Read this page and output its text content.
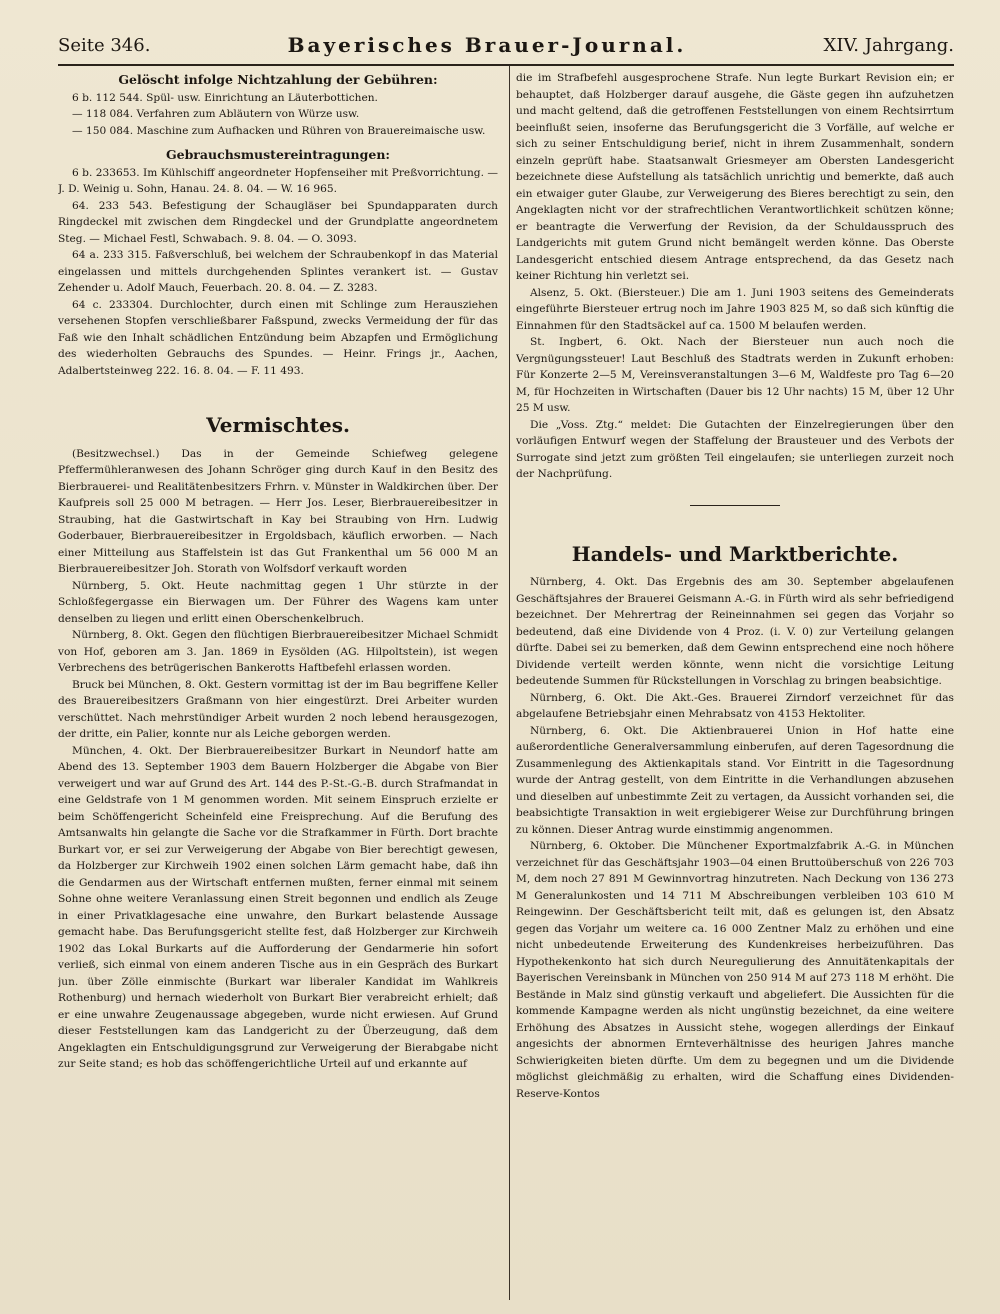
Seite 346.	Bayerisches Brauer-Journal.	XIV. Jahrgang.
Gelöscht infolge Nichtzahlung der Gebühren:

6 b. 112 544. Spül- usw. Einrichtung an Läuterbottichen.

— 118 084. Verfahren zum Abläutern von Würze usw.

— 150 084. Maschine zum Aufhacken und Rühren von Brauereimaische usw.

Gebrauchsmustereintragungen:

6 b. 233653. Im Kühlschiff angeordneter Hopfenseiher mit Preßvorrichtung. — J. D. Weinig u. Sohn, Hanau. 24. 8. 04. — W. 16 965.

64. 233 543. Befestigung der Schaugläser bei Spundapparaten durch Ringdeckel mit zwischen dem Ringdeckel und der Grundplatte angeordnetem Steg. — Michael Festl, Schwabach. 9. 8. 04. — O. 3093.

64 a. 233 315. Faßverschluß, bei welchem der Schraubenkopf in das Material eingelassen und mittels durchgehenden Splintes verankert ist. — Gustav Zehender u. Adolf Mauch, Feuerbach. 20. 8. 04. — Z. 3283.

64 c. 233304. Durchlochter, durch einen mit Schlinge zum Herausziehen versehenen Stopfen verschließbarer Faßspund, zwecks Vermeidung der für das Faß wie den Inhalt schädlichen Entzündung beim Abzapfen und Ermöglichung des wiederholten Gebrauchs des Spundes. — Heinr. Frings jr., Aachen, Adalbertsteinweg 222. 16. 8. 04. — F. 11 493.

Vermischtes.

(Besitzwechsel.) Das in der Gemeinde Schiefweg gelegene Pfeffermühleranwesen des Johann Schröger ging durch Kauf in den Besitz des Bierbrauerei- und Realitätenbesitzers Frhrn. v. Münster in Waldkirchen über. Der Kaufpreis soll 25 000 M betragen. — Herr Jos. Leser, Bierbrauereibesitzer in Straubing, hat die Gastwirtschaft in Kay bei Straubing von Hrn. Ludwig Goderbauer, Bierbrauereibesitzer in Ergoldsbach, käuflich erworben. — Nach einer Mitteilung aus Staffelstein ist das Gut Frankenthal um 56 000 M an Bierbrauereibesitzer Joh. Storath von Wolfsdorf verkauft worden

Nürnberg, 5. Okt. Heute nachmittag gegen 1 Uhr stürzte in der Schloßfegergasse ein Bierwagen um. Der Führer des Wagens kam unter denselben zu liegen und erlitt einen Oberschenkelbruch.

Nürnberg, 8. Okt. Gegen den flüchtigen Bierbrauereibesitzer Michael Schmidt von Hof, geboren am 3. Jan. 1869 in Eysölden (AG. Hilpoltstein), ist wegen Verbrechens des betrügerischen Bankerotts Haftbefehl erlassen worden.

Bruck bei München, 8. Okt. Gestern vormittag ist der im Bau begriffene Keller des Brauereibesitzers Graßmann von hier eingestürzt. Drei Arbeiter wurden verschüttet. Nach mehrstündiger Arbeit wurden 2 noch lebend herausgezogen, der dritte, ein Palier, konnte nur als Leiche geborgen werden.

München, 4. Okt. Der Bierbrauereibesitzer Burkart in Neundorf hatte am Abend des 13. September 1903 dem Bauern Holzberger die Abgabe von Bier verweigert und war auf Grund des Art. 144 des P.-St.-G.-B. durch Strafmandat in eine Geldstrafe von 1 M genommen worden. Mit seinem Einspruch erzielte er beim Schöffengericht Scheinfeld eine Freisprechung. Auf die Berufung des Amtsanwalts hin gelangte die Sache vor die Strafkammer in Fürth. Dort brachte Burkart vor, er sei zur Verweigerung der Abgabe von Bier berechtigt gewesen, da Holzberger zur Kirchweih 1902 einen solchen Lärm gemacht habe, daß ihn die Gendarmen aus der Wirtschaft entfernen mußten, ferner einmal mit seinem Sohne ohne weitere Veranlassung einen Streit begonnen und endlich als Zeuge in einer Privatklagesache eine unwahre, den Burkart belastende Aussage gemacht habe. Das Berufungsgericht stellte fest, daß Holzberger zur Kirchweih 1902 das Lokal Burkarts auf die Aufforderung der Gendarmerie hin sofort verließ, sich einmal von einem anderen Tische aus in ein Gespräch des Burkart jun. über Zölle einmischte (Burkart war liberaler Kandidat im Wahlkreis Rothenburg) und hernach wiederholt von Burkart Bier verabreicht erhielt; daß er eine unwahre Zeugenaussage abgegeben, wurde nicht erwiesen. Auf Grund dieser Feststellungen kam das Landgericht zu der Überzeugung, daß dem Angeklagten ein Entschuldigungsgrund zur Verweigerung der Bierabgabe nicht zur Seite stand; es hob das schöffengerichtliche Urteil auf und erkannte auf

die im Strafbefehl ausgesprochene Strafe. Nun legte Burkart Revision ein; er behauptet, daß Holzberger darauf ausgehe, die Gäste gegen ihn aufzuhetzen und macht geltend, daß die getroffenen Feststellungen von einem Rechtsirrtum beeinflußt seien, insoferne das Berufungsgericht die 3 Vorfälle, auf welche er sich zu seiner Entschuldigung berief, nicht in ihrem Zusammenhalt, sondern einzeln geprüft habe. Staatsanwalt Griesmeyer am Obersten Landesgericht bezeichnete diese Aufstellung als tatsächlich unrichtig und bemerkte, daß auch ein etwaiger guter Glaube, zur Verweigerung des Bieres berechtigt zu sein, den Angeklagten nicht vor der strafrechtlichen Verantwortlichkeit schützen könne; er beantragte die Verwerfung der Revision, da der Schuldausspruch des Landgerichts mit gutem Grund nicht bemängelt werden könne. Das Oberste Landesgericht entschied diesem Antrage entsprechend, da das Gesetz nach keiner Richtung hin verletzt sei.

Alsenz, 5. Okt. (Biersteuer.) Die am 1. Juni 1903 seitens des Gemeinderats eingeführte Biersteuer ertrug noch im Jahre 1903 825 M, so daß sich künftig die Einnahmen für den Stadtsäckel auf ca. 1500 M belaufen werden.

St. Ingbert, 6. Okt. Nach der Biersteuer nun auch noch die Vergnügungssteuer! Laut Beschluß des Stadtrats werden in Zukunft erhoben: Für Konzerte 2—5 M, Vereinsveranstaltungen 3—6 M, Waldfeste pro Tag 6—20 M, für Hochzeiten in Wirtschaften (Dauer bis 12 Uhr nachts) 15 M, über 12 Uhr 25 M usw.

Die „Voss. Ztg.“ meldet: Die Gutachten der Einzelregierungen über den vorläufigen Entwurf wegen der Staffelung der Brausteuer und des Verbots der Surrogate sind jetzt zum größten Teil eingelaufen; sie unterliegen zurzeit noch der Nachprüfung.

Handels- und Marktberichte.

Nürnberg, 4. Okt. Das Ergebnis des am 30. September abgelaufenen Geschäftsjahres der Brauerei Geismann A.-G. in Fürth wird als sehr befriedigend bezeichnet. Der Mehrertrag der Reineinnahmen sei gegen das Vorjahr so bedeutend, daß eine Dividende von 4 Proz. (i. V. 0) zur Verteilung gelangen dürfte. Dabei sei zu bemerken, daß dem Gewinn entsprechend eine noch höhere Dividende verteilt werden könnte, wenn nicht die vorsichtige Leitung bedeutende Summen für Rückstellungen in Vorschlag zu bringen beabsichtige.

Nürnberg, 6. Okt. Die Akt.-Ges. Brauerei Zirndorf verzeichnet für das abgelaufene Betriebsjahr einen Mehrabsatz von 4153 Hektoliter.

Nürnberg, 6. Okt. Die Aktienbrauerei Union in Hof hatte eine außerordentliche Generalversammlung einberufen, auf deren Tagesordnung die Zusammenlegung des Aktienkapitals stand. Vor Eintritt in die Tagesordnung wurde der Antrag gestellt, von dem Eintritte in die Verhandlungen abzusehen und dieselben auf unbestimmte Zeit zu vertagen, da Aussicht vorhanden sei, die beabsichtigte Transaktion in weit ergiebigerer Weise zur Durchführung bringen zu können. Dieser Antrag wurde einstimmig angenommen.

Nürnberg, 6. Oktober. Die Münchener Exportmalzfabrik A.-G. in München verzeichnet für das Geschäftsjahr 1903—04 einen Bruttoüberschuß von 226 703 M, dem noch 27 891 M Gewinnvortrag hinzutreten. Nach Deckung von 136 273 M Generalunkosten und 14 711 M Abschreibungen verbleiben 103 610 M Reingewinn. Der Geschäftsbericht teilt mit, daß es gelungen ist, den Absatz gegen das Vorjahr um weitere ca. 16 000 Zentner Malz zu erhöhen und eine nicht unbedeutende Erweiterung des Kundenkreises herbeizuführen. Das Hypothekenkonto hat sich durch Neuregulierung des Annuitätenkapitals der Bayerischen Vereinsbank in München von 250 914 M auf 273 118 M erhöht. Die Bestände in Malz sind günstig verkauft und abgeliefert. Die Aussichten für die kommende Kampagne werden als nicht ungünstig bezeichnet, da eine weitere Erhöhung des Absatzes in Aussicht stehe, wogegen allerdings der Einkauf angesichts der abnormen Ernteverhältnisse des heurigen Jahres manche Schwierigkeiten bieten dürfte. Um dem zu begegnen und um die Dividende möglichst gleichmäßig zu erhalten, wird die Schaffung eines Dividenden-Reserve-Kontos
